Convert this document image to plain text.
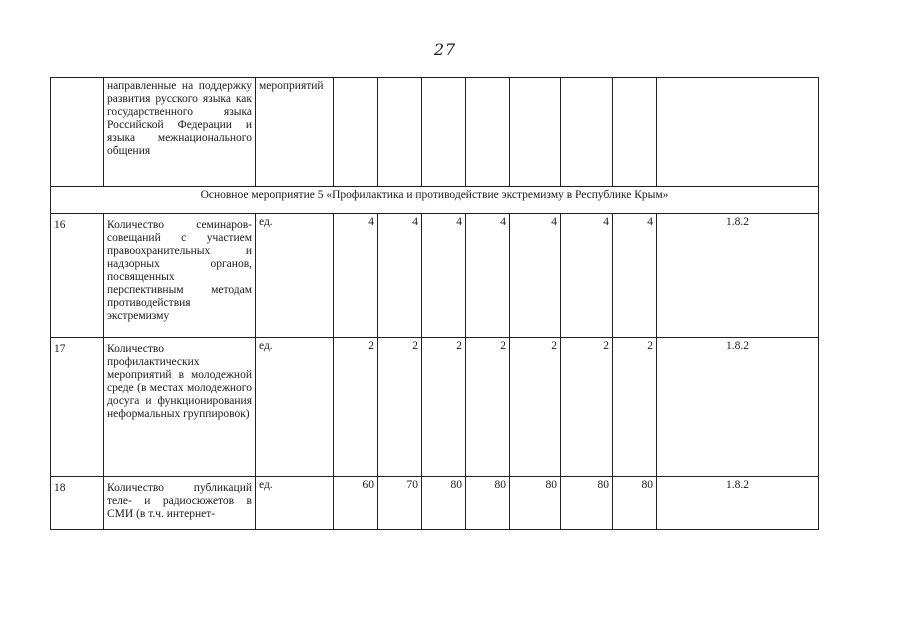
27

	направленные на поддержку развития русского языка как государственного языка Российской Федерации и языка межнационального общения	мероприятий								
Основное мероприятие 5 «Профилактика и противодействие экстремизму в Республике Крым»										
16	Количество семинаров-совещаний с участием правоохранительных и надзорных органов, посвященных перспективным методам противодействия экстремизму	ед.	4	4	4	4	4	4	4	1.8.2
17	Количество профилактических мероприятий в молодежной среде (в местах молодежного досуга и функционирования неформальных группировок)	ед.	2	2	2	2	2	2	2	1.8.2
18	Количество публикаций теле- и радиосюжетов в СМИ (в т.ч. интернет-	ед.	60	70	80	80	80	80	80	1.8.2
